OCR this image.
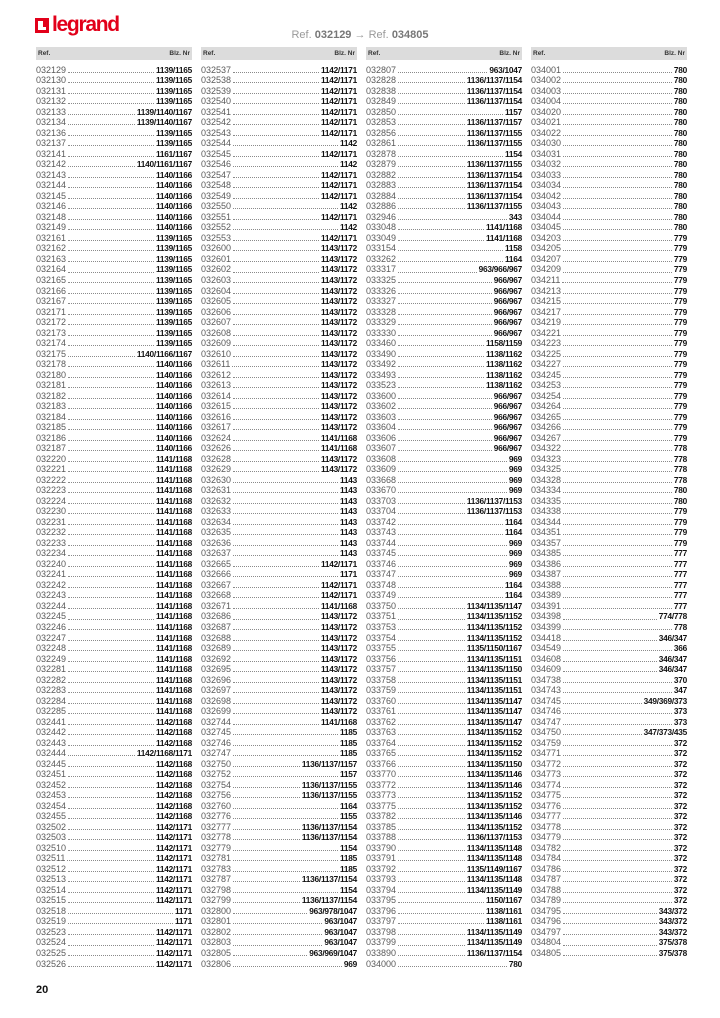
legrand	Ref. 032129 → Ref. 034805
Ref.	Blz. Nr
032129	1139/1165
032130	1139/1165
032131	1139/1165
032132	1139/1165
032133	1139/1140/1167
032134	1139/1140/1167
032136	1139/1165
032137	1139/1165
032141	1161/1167
032142	1140/1161/1167
032143	1140/1166
032144	1140/1166
032145	1140/1166
032146	1140/1166
032148	1140/1166
032149	1140/1166
032161	1139/1165
032162	1139/1165
032163	1139/1165
032164	1139/1165
032165	1139/1165
032166	1139/1165
032167	1139/1165
032171	1139/1165
032172	1139/1165
032173	1139/1165
032174	1139/1165
032175	1140/1166/1167
032178	1140/1166
032180	1140/1166
032181	1140/1166
032182	1140/1166
032183	1140/1166
032184	1140/1166
032185	1140/1166
032186	1140/1166
032187	1140/1166
032220	1141/1168
032221	1141/1168
032222	1141/1168
032223	1141/1168
032224	1141/1168
032230	1141/1168
032231	1141/1168
032232	1141/1168
032233	1141/1168
032234	1141/1168
032240	1141/1168
032241	1141/1168
032242	1141/1168
032243	1141/1168
032244	1141/1168
032245	1141/1168
032246	1141/1168
032247	1141/1168
032248	1141/1168
032249	1141/1168
032281	1141/1168
032282	1141/1168
032283	1141/1168
032284	1141/1168
032285	1141/1168
032441	1142/1168
032442	1142/1168
032443	1142/1168
032444	1142/1168/1171
032445	1142/1168
032451	1142/1168
032452	1142/1168
032453	1142/1168
032454	1142/1168
032455	1142/1168
032502	1142/1171
032503	1142/1171
032510	1142/1171
032511	1142/1171
032512	1142/1171
032513	1142/1171
032514	1142/1171
032515	1142/1171
032518	1171
032519	1171
032523	1142/1171
032524	1142/1171
032525	1142/1171
032526	1142/1171
Ref.	Blz. Nr
032537	1142/1171
032538	1142/1171
032539	1142/1171
032540	1142/1171
032541	1142/1171
032542	1142/1171
032543	1142/1171
032544	1142
032545	1142/1171
032546	1142
032547	1142/1171
032548	1142/1171
032549	1142/1171
032550	1142
032551	1142/1171
032552	1142
032553	1142/1171
032600	1143/1172
032601	1143/1172
032602	1143/1172
032603	1143/1172
032604	1143/1172
032605	1143/1172
032606	1143/1172
032607	1143/1172
032608	1143/1172
032609	1143/1172
032610	1143/1172
032611	1143/1172
032612	1143/1172
032613	1143/1172
032614	1143/1172
032615	1143/1172
032616	1143/1172
032617	1143/1172
032624	1141/1168
032626	1141/1168
032628	1143/1172
032629	1143/1172
032630	1143
032631	1143
032632	1143
032633	1143
032634	1143
032635	1143
032636	1143
032637	1143
032665	1142/1171
032666	1171
032667	1142/1171
032668	1142/1171
032671	1141/1168
032686	1143/1172
032687	1143/1172
032688	1143/1172
032689	1143/1172
032692	1143/1172
032695	1143/1172
032696	1143/1172
032697	1143/1172
032698	1143/1172
032699	1143/1172
032744	1141/1168
032745	1185
032746	1185
032747	1185
032750	1136/1137/1157
032752	1157
032754	1136/1137/1155
032756	1136/1137/1155
032760	1164
032776	1155
032777	1136/1137/1154
032778	1136/1137/1154
032779	1154
032781	1185
032783	1185
032787	1136/1137/1154
032798	1154
032799	1136/1137/1154
032800	963/978/1047
032801	963/1047
032802	963/1047
032803	963/1047
032805	963/969/1047
032806	969
Ref.	Blz. Nr
032807	963/1047
032828	1136/1137/1154
032838	1136/1137/1154
032849	1136/1137/1154
032850	1157
032853	1136/1137/1157
032856	1136/1137/1155
032861	1136/1137/1155
032878	1154
032879	1136/1137/1155
032882	1136/1137/1154
032883	1136/1137/1154
032884	1136/1137/1154
032886	1136/1137/1155
032946	343
033048	1141/1168
033049	1141/1168
033154	1158
033262	1164
033317	963/966/967
033325	966/967
033326	966/967
033327	966/967
033328	966/967
033329	966/967
033330	966/967
033460	1158/1159
033490	1138/1162
033492	1138/1162
033493	1138/1162
033523	1138/1162
033600	966/967
033602	966/967
033603	966/967
033604	966/967
033606	966/967
033607	966/967
033608	969
033609	969
033668	969
033670	969
033703	1136/1137/1153
033704	1136/1137/1153
033742	1164
033743	1164
033744	969
033745	969
033746	969
033747	969
033748	1164
033749	1164
033750	1134/1135/1147
033751	1134/1135/1152
033753	1134/1135/1152
033754	1134/1135/1152
033755	1135/1150/1167
033756	1134/1135/1151
033757	1134/1135/1150
033758	1134/1135/1151
033759	1134/1135/1151
033760	1134/1135/1147
033761	1134/1135/1147
033762	1134/1135/1147
033763	1134/1135/1152
033764	1134/1135/1152
033765	1134/1135/1152
033766	1134/1135/1150
033770	1134/1135/1146
033772	1134/1135/1146
033773	1134/1135/1152
033775	1134/1135/1152
033782	1134/1135/1146
033785	1134/1135/1152
033788	1136/1137/1153
033790	1134/1135/1148
033791	1134/1135/1148
033792	1135/1149/1167
033793	1134/1135/1148
033794	1134/1135/1149
033795	1150/1167
033796	1138/1161
033797	1138/1161
033798	1134/1135/1149
033799	1134/1135/1149
033890	1136/1137/1154
034000	780
Ref.	Blz. Nr
034001	780
034002	780
034003	780
034004	780
034020	780
034021	780
034022	780
034030	780
034031	780
034032	780
034033	780
034034	780
034042	780
034043	780
034044	780
034045	780
034203	779
034205	779
034207	779
034209	779
034211	779
034213	779
034215	779
034217	779
034219	779
034221	779
034223	779
034225	779
034227	779
034245	779
034253	779
034254	779
034264	779
034265	779
034266	779
034267	779
034322	778
034323	778
034325	778
034328	778
034334	780
034335	780
034338	779
034344	779
034351	779
034357	779
034385	777
034386	777
034387	777
034388	777
034389	777
034391	777
034398	774/778
034399	778
034418	346/347
034549	366
034608	346/347
034609	346/347
034738	370
034743	347
034745	349/369/373
034746	373
034747	373
034750	347/373/435
034759	372
034771	372
034772	372
034773	372
034774	372
034775	372
034776	372
034777	372
034778	372
034779	372
034782	372
034784	372
034786	372
034787	372
034788	372
034789	372
034795	343/372
034796	343/372
034797	343/372
034804	375/378
034805	375/378
20
